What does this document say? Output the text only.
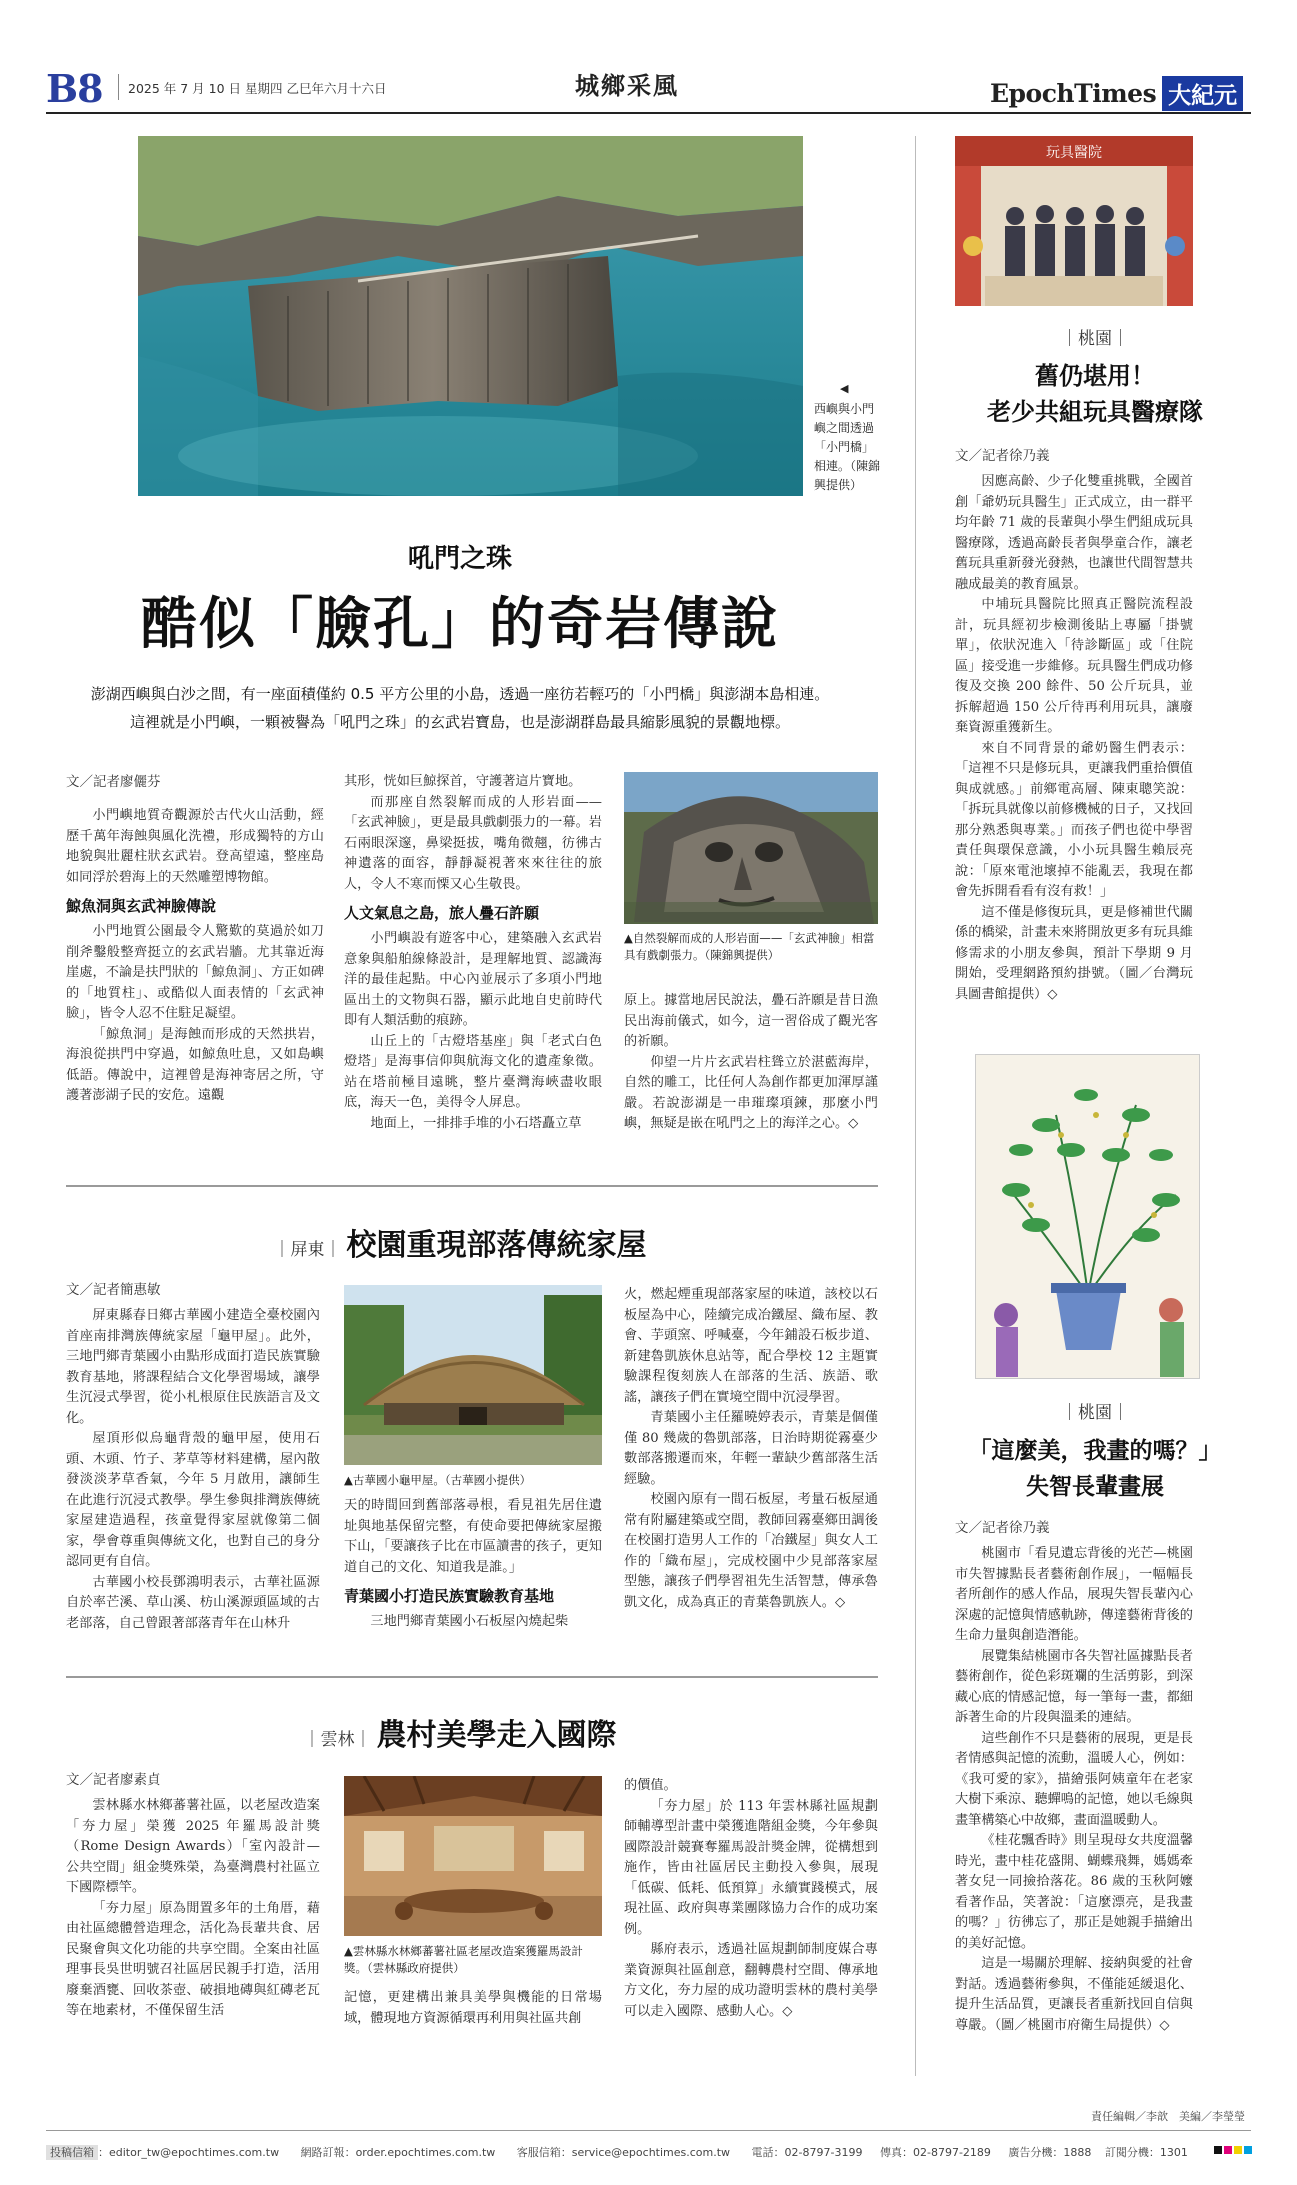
B8 2025 年 7 月 10 日 星期四 乙巳年六月十六日	城鄉采風	EpochTimes 大紀元
◀
西嶼與小門嶼之間透過「小門橋」相連。（陳錦興提供）
吼門之珠
酷似「臉孔」的奇岩傳說
澎湖西嶼與白沙之間，有一座面積僅約 0.5 平方公里的小島，透過一座彷若輕巧的「小門橋」與澎湖本島相連。
這裡就是小門嶼，一顆被譽為「吼門之珠」的玄武岩寶島，也是澎湖群島最具縮影風貌的景觀地標。
文／記者廖儷芬
小門嶼地質奇觀源於古代火山活動，經歷千萬年海蝕與風化洗禮，形成獨特的方山地貌與壯麗柱狀玄武岩。登高望遠，整座島如同浮於碧海上的天然雕塑博物館。
鯨魚洞與玄武神臉傳說
小門地質公園最令人驚歎的莫過於如刀削斧鑿般整齊挺立的玄武岩牆。尤其靠近海崖處，不論是扶門狀的「鯨魚洞」、方正如碑的「地質柱」、或酷似人面表情的「玄武神臉」，皆令人忍不住駐足凝望。
「鯨魚洞」是海蝕而形成的天然拱岩，海浪從拱門中穿過，如鯨魚吐息，又如島嶼低語。傳說中，這裡曾是海神寄居之所，守護著澎湖子民的安危。遠觀
其形，恍如巨鯨探首，守護著這片寶地。
而那座自然裂解而成的人形岩面——「玄武神臉」，更是最具戲劇張力的一幕。岩石兩眼深邃，鼻梁挺拔，嘴角微翹，彷彿古神遺落的面容，靜靜凝視著來來往往的旅人，令人不寒而慄又心生敬畏。
人文氣息之島，旅人疊石許願
小門嶼設有遊客中心，建築融入玄武岩意象與船舶線條設計，是理解地質、認識海洋的最佳起點。中心內並展示了多項小門地區出土的文物與石器，顯示此地自史前時代即有人類活動的痕跡。
山丘上的「古燈塔基座」與「老式白色燈塔」是海事信仰與航海文化的遺產象徵。站在塔前極目遠眺，整片臺灣海峽盡收眼底，海天一色，美得令人屏息。
地面上，一排排手堆的小石塔矗立草
▲自然裂解而成的人形岩面——「玄武神臉」相當具有戲劇張力。（陳錦興提供）
原上。據當地居民說法，疊石許願是昔日漁民出海前儀式，如今，這一習俗成了觀光客的祈願。
仰望一片片玄武岩柱聳立於湛藍海岸，自然的雕工，比任何人為創作都更加渾厚謹嚴。若說澎湖是一串璀璨項鍊，那麼小門嶼，無疑是嵌在吼門之上的海洋之心。◇
｜屏東｜ 校園重現部落傳統家屋
文／記者簡惠敏
屏東縣春日鄉古華國小建造全臺校園內首座南排灣族傳統家屋「龜甲屋」。此外，三地門鄉青葉國小由點形成面打造民族實驗教育基地，將課程結合文化學習場域，讓學生沉浸式學習，從小札根原住民族語言及文化。
屋頂形似烏龜背殼的龜甲屋，使用石頭、木頭、竹子、茅草等材料建構，屋內散發淡淡茅草香氣，今年 5 月啟用，讓師生在此進行沉浸式教學。學生參與排灣族傳統家屋建造過程，孩童覺得家屋就像第二個家，學會尊重與傳統文化，也對自己的身分認同更有自信。
古華國小校長鄧鴻明表示，古華社區源自於率芒溪、草山溪、枋山溪源頭區域的古老部落，自己曾跟著部落青年在山林升
▲古華國小龜甲屋。（古華國小提供）
天的時間回到舊部落尋根，看見祖先居住遺址與地基保留完整，有使命要把傳統家屋搬下山，「要讓孩子比在市區讀書的孩子，更知道自己的文化、知道我是誰。」
青葉國小打造民族實驗教育基地
三地門鄉青葉國小石板屋內燒起柴
火，燃起煙重現部落家屋的味道，該校以石板屋為中心，陸續完成冶鐵屋、織布屋、教會、芋頭窯、呼喊臺，今年鋪設石板步道、新建魯凱族休息站等，配合學校 12 主題實驗課程復刻族人在部落的生活、族語、歌謠，讓孩子們在實境空間中沉浸學習。
青葉國小主任羅曉婷表示，青葉是個僅僅 80 幾歲的魯凱部落，日治時期從霧臺少數部落搬遷而來，年輕一輩缺少舊部落生活經驗。
校園內原有一間石板屋，考量石板屋通常有附屬建築或空間，教師回霧臺鄉田調後在校園打造男人工作的「冶鐵屋」與女人工作的「織布屋」，完成校園中少見部落家屋型態，讓孩子們學習祖先生活智慧，傳承魯凱文化，成為真正的青葉魯凱族人。◇
｜雲林｜ 農村美學走入國際
文／記者廖素貞
雲林縣水林鄉蕃薯社區，以老屋改造案「夯力屋」榮獲 2025 年羅馬設計獎（Rome Design Awards）「室內設計—公共空間」組金獎殊榮，為臺灣農村社區立下國際標竿。
「夯力屋」原為閒置多年的土角厝，藉由社區總體營造理念，活化為長輩共食、居民聚會與文化功能的共享空間。全案由社區理事長吳世明號召社區居民親手打造，活用廢棄酒甕、回收茶壺、破損地磚與紅磚老瓦等在地素材，不僅保留生活
▲雲林縣水林鄉蕃薯社區老屋改造案獲羅馬設計獎。（雲林縣政府提供）
記憶，更建構出兼具美學與機能的日常場域，體現地方資源循環再利用與社區共創
的價值。
「夯力屋」於 113 年雲林縣社區規劃師輔導型計畫中榮獲進階組金獎，今年參與國際設計競賽奪羅馬設計獎金牌，從構想到施作，皆由社區居民主動投入參與，展現「低碳、低耗、低預算」永續實踐模式，展現社區、政府與專業團隊協力合作的成功案例。
縣府表示，透過社區規劃師制度媒合專業資源與社區創意，翻轉農村空間、傳承地方文化，夯力屋的成功證明雲林的農村美學可以走入國際、感動人心。◇
玩具醫院
｜桃園｜
舊仍堪用！
老少共組玩具醫療隊
文／記者徐乃義
因應高齡、少子化雙重挑戰，全國首創「爺奶玩具醫生」正式成立，由一群平均年齡 71 歲的長輩與小學生們組成玩具醫療隊，透過高齡長者與學童合作，讓老舊玩具重新發光發熱，也讓世代間智慧共融成最美的教育風景。
中埔玩具醫院比照真正醫院流程設計，玩具經初步檢測後貼上專屬「掛號單」，依狀況進入「待診斷區」或「住院區」接受進一步維修。玩具醫生們成功修復及交換 200 餘件、50 公斤玩具，並拆解超過 150 公斤待再利用玩具，讓廢棄資源重獲新生。
來自不同背景的爺奶醫生們表示：「這裡不只是修玩具，更讓我們重拾價值與成就感。」前鄉電高層、陳東聰笑說：「拆玩具就像以前修機械的日子，又找回那分熟悉與專業。」而孩子們也從中學習責任與環保意識，小小玩具醫生賴辰亮說：「原來電池壞掉不能亂丟，我現在都會先拆開看看有沒有救！」
這不僅是修復玩具，更是修補世代關係的橋梁，計畫未來將開放更多有玩具維修需求的小朋友參與，預計下學期 9 月開始，受理網路預約掛號。（圖／台灣玩具圖書館提供）◇
｜桃園｜
「這麼美，我畫的嗎？」
失智長輩畫展
文／記者徐乃義
桃園市「看見遺忘背後的光芒—桃園市失智據點長者藝術創作展」，一幅幅長者所創作的感人作品，展現失智長輩內心深處的記憶與情感軌跡，傳達藝術背後的生命力量與創造潛能。
展覽集結桃園市各失智社區據點長者藝術創作，從色彩斑斕的生活剪影，到深藏心底的情感記憶，每一筆每一畫，都細訴著生命的片段與溫柔的連結。
這些創作不只是藝術的展現，更是長者情感與記憶的流動，溫暖人心，例如：《我可愛的家》，描繪張阿姨童年在老家大樹下乘涼、聽蟬鳴的記憶，她以毛線與畫筆構築心中故鄉，畫面溫暖動人。
《桂花飄香時》則呈現母女共度溫馨時光，畫中桂花盛開、蝴蝶飛舞，媽媽牽著女兒一同撿拾落花。86 歲的玉秋阿嬤看著作品，笑著說：「這麼漂亮，是我畫的嗎？」彷彿忘了，那正是她親手描繪出的美好記憶。
這是一場關於理解、接納與愛的社會對話。透過藝術參與，不僅能延緩退化、提升生活品質，更讓長者重新找回自信與尊嚴。（圖／桃園市府衛生局提供）◇
責任編輯／李歆　美編／李瑩瑩
投稿信箱 ：editor_tw@epochtimes.com.tw 網路訂報：order.epochtimes.com.tw 客服信箱：service@epochtimes.com.tw 電話：02-8797-3199 傳真：02-8797-2189 廣告分機：1888 訂閱分機：1301
